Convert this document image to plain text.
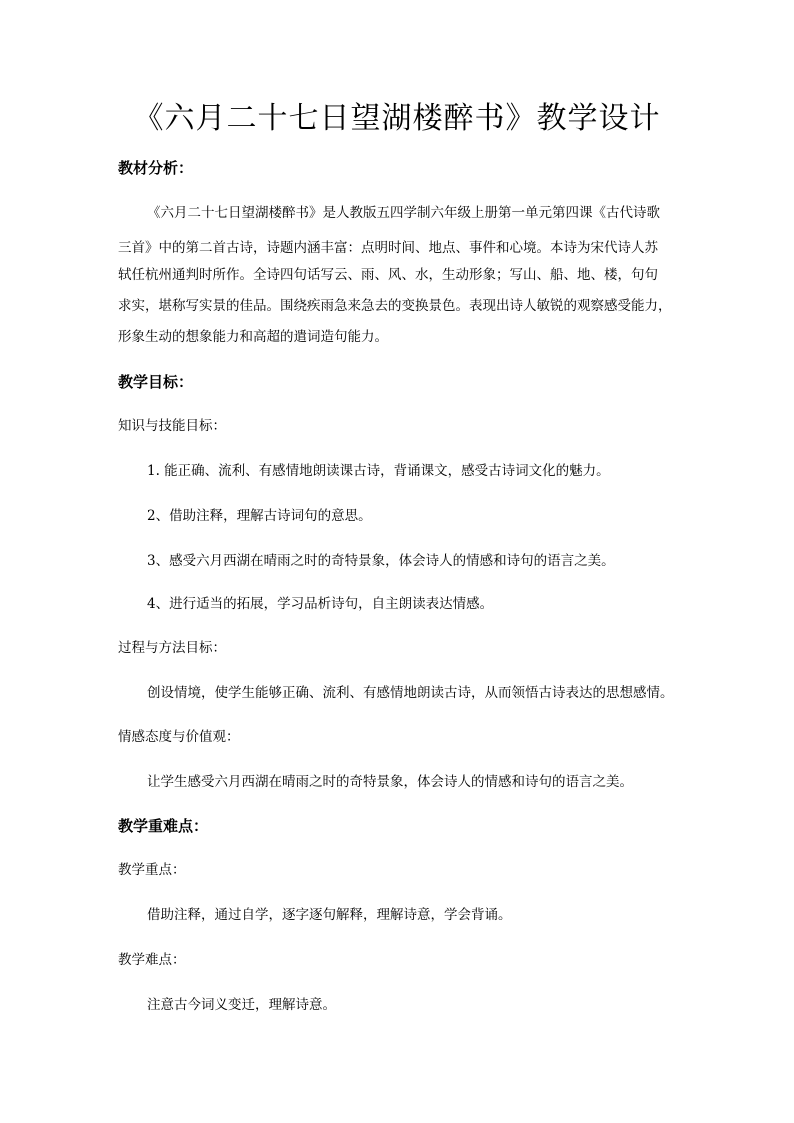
《六月二十七日望湖楼醉书》教学设计
教材分析：
《六月二十七日望湖楼醉书》是人教版五四学制六年级上册第一单元第四课《古代诗歌
三首》中的第二首古诗，诗题内涵丰富：点明时间、地点、事件和心境。本诗为宋代诗人苏
轼任杭州通判时所作。全诗四句话写云、雨、风、水，生动形象；写山、船、地、楼，句句
求实，堪称写实景的佳品。围绕疾雨急来急去的变换景色。表现出诗人敏锐的观察感受能力，
形象生动的想象能力和高超的遣词造句能力。
教学目标：
知识与技能目标：
1. 能正确、流利、有感情地朗读课古诗，背诵课文，感受古诗词文化的魅力。
2、借助注释，理解古诗词句的意思。
3、感受六月西湖在晴雨之时的奇特景象，体会诗人的情感和诗句的语言之美。
4、进行适当的拓展，学习品析诗句，自主朗读表达情感。
过程与方法目标：
创设情境，使学生能够正确、流利、有感情地朗读古诗，从而领悟古诗表达的思想感情。
情感态度与价值观：
让学生感受六月西湖在晴雨之时的奇特景象，体会诗人的情感和诗句的语言之美。
教学重难点：
教学重点：
借助注释，通过自学，逐字逐句解释，理解诗意，学会背诵。
教学难点：
注意古今词义变迁，理解诗意。
